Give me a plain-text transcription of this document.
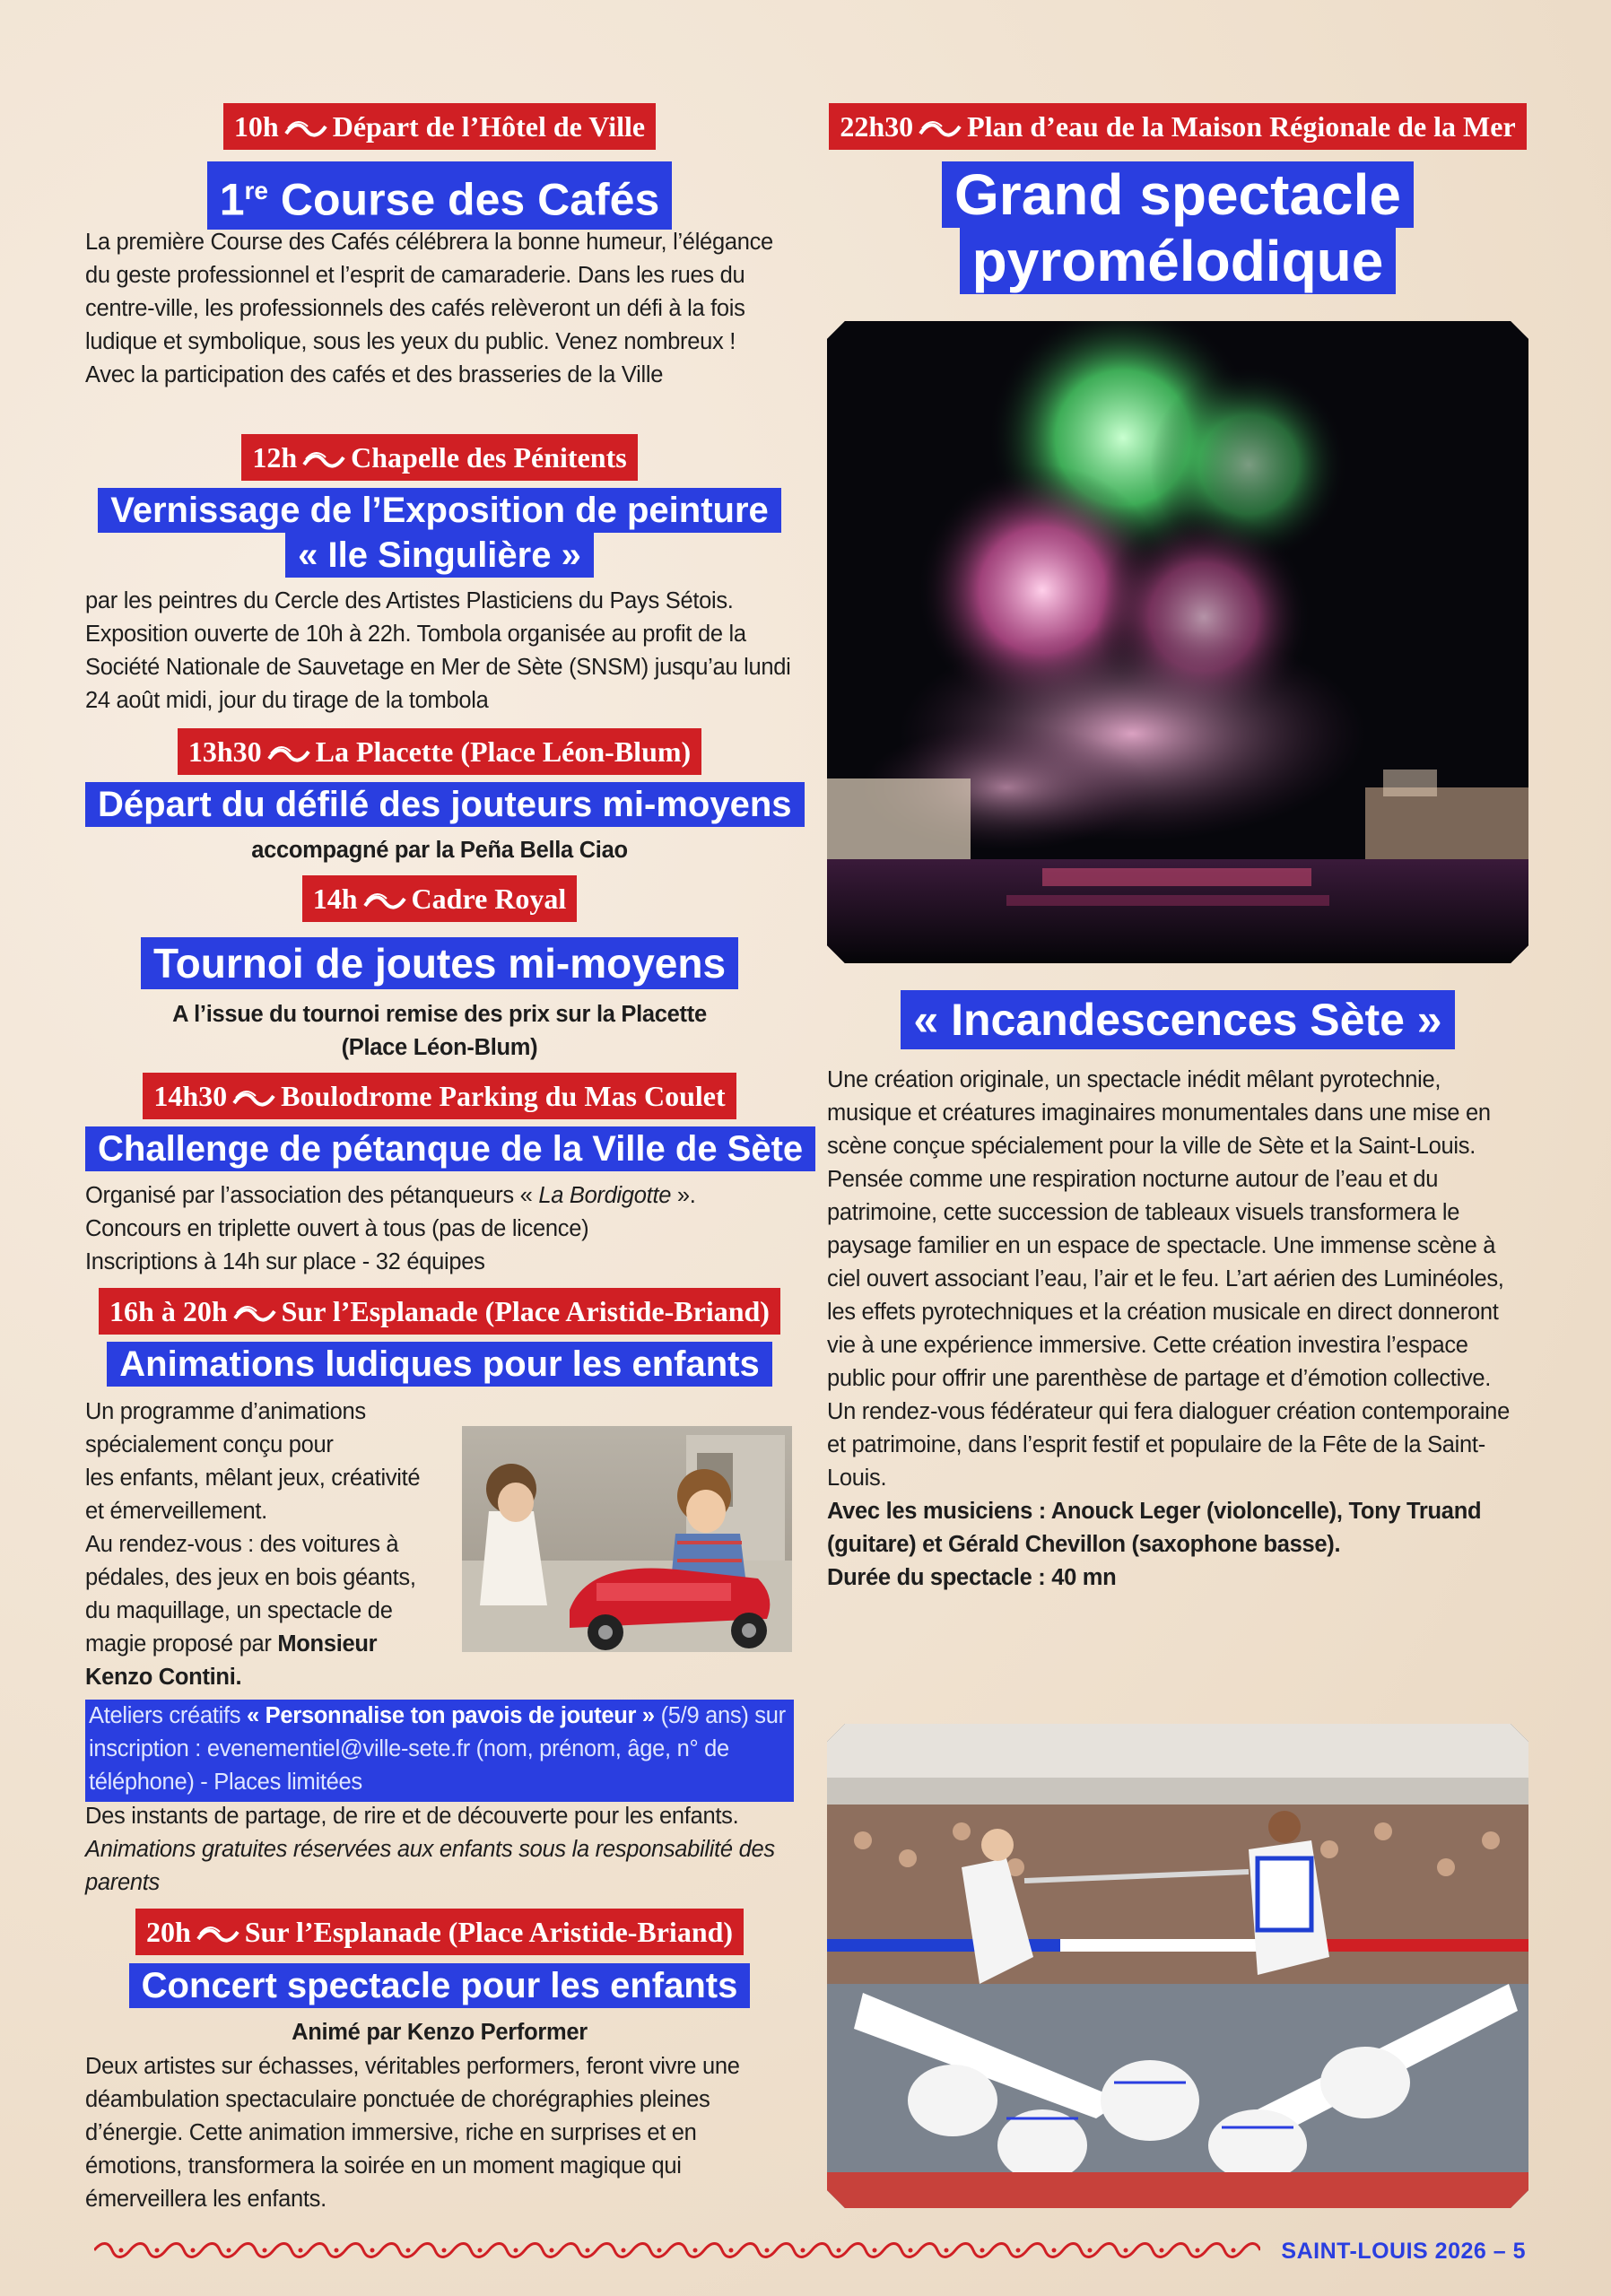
10h Départ de l’Hôtel de Ville
1re Course des Cafés

La première Course des Cafés célébrera la bonne humeur, l’élégance du geste professionnel et l’esprit de camaraderie. Dans les rues du centre-ville, les professionnels des cafés relèveront un défi à la fois ludique et symbolique, sous les yeux du public. Venez nombreux !

Avec la participation des cafés et des brasseries de la Ville

12h Chapelle des Pénitents
Vernissage de l’Exposition de peinture
« Ile Singulière »

par les peintres du Cercle des Artistes Plasticiens du Pays Sétois. Exposition ouverte de 10h à 22h. Tombola organisée au profit de la Société Nationale de Sauvetage en Mer de Sète (SNSM) jusqu’au lundi 24 août midi, jour du tirage de la tombola

13h30 La Placette (Place Léon-Blum)
Départ du défilé des jouteurs mi-moyens
accompagné par la Peña Bella Ciao
14h Cadre Royal
Tournoi de joutes mi-moyens

A l’issue du tournoi remise des prix sur la Placette

(Place Léon-Blum)

14h30 Boulodrome Parking du Mas Coulet
Challenge de pétanque de la Ville de Sète

Organisé par l’association des pétanqueurs « La Bordigotte ».

Concours en triplette ouvert à tous (pas de licence)

Inscriptions à 14h sur place - 32 équipes

16h à 20h Sur l’Esplanade (Place Aristide-Briand)
Animations ludiques pour les enfants

Un programme d’animations

spécialement conçu pour

les enfants, mêlant jeux, créativité

et émerveillement.

Au rendez-vous : des voitures à

pédales, des jeux en bois géants,

du maquillage, un spectacle de

magie proposé par Monsieur

Kenzo Contini.

Ateliers créatifs « Personnalise ton pavois de jouteur » (5/9 ans) sur inscription : evenementiel@ville-sete.fr (nom, prénom, âge, n° de téléphone) - Places limitées

Des instants de partage, de rire et de découverte pour les enfants.

Animations gratuites réservées aux enfants sous la responsabilité des parents

20h Sur l’Esplanade (Place Aristide-Briand)
Concert spectacle pour les enfants
Animé par Kenzo Performer

Deux artistes sur échasses, véritables performers, feront vivre une déambulation spectaculaire ponctuée de chorégraphies pleines d’énergie. Cette animation immersive, riche en surprises et en émotions, transformera la soirée en un moment magique qui émerveillera les enfants.

22h30 Plan d’eau de la Maison Régionale de la Mer
Grand spectacle
pyromélodique
« Incandescences Sète »

Une création originale, un spectacle inédit mêlant pyrotechnie, musique et créatures imaginaires monumentales dans une mise en scène conçue spécialement pour la ville de Sète et la Saint-Louis. Pensée comme une respiration nocturne autour de l’eau et du patrimoine, cette succession de tableaux visuels transformera le paysage familier en un espace de spectacle. Une immense scène à ciel ouvert associant l’eau, l’air et le feu. L’art aérien des Luminéoles, les effets pyrotechniques et la création musicale en direct donneront vie à une expérience immersive. Cette création investira l’espace public pour offrir une parenthèse de partage et d’émotion collective.

Un rendez-vous fédérateur qui fera dialoguer création contemporaine et patrimoine, dans l’esprit festif et populaire de la Fête de la Saint-Louis.

Avec les musiciens : Anouck Leger (violoncelle), Tony Truand (guitare) et Gérald Chevillon (saxophone basse).

Durée du spectacle : 40 mn

SAINT-LOUIS 2026 – 5
